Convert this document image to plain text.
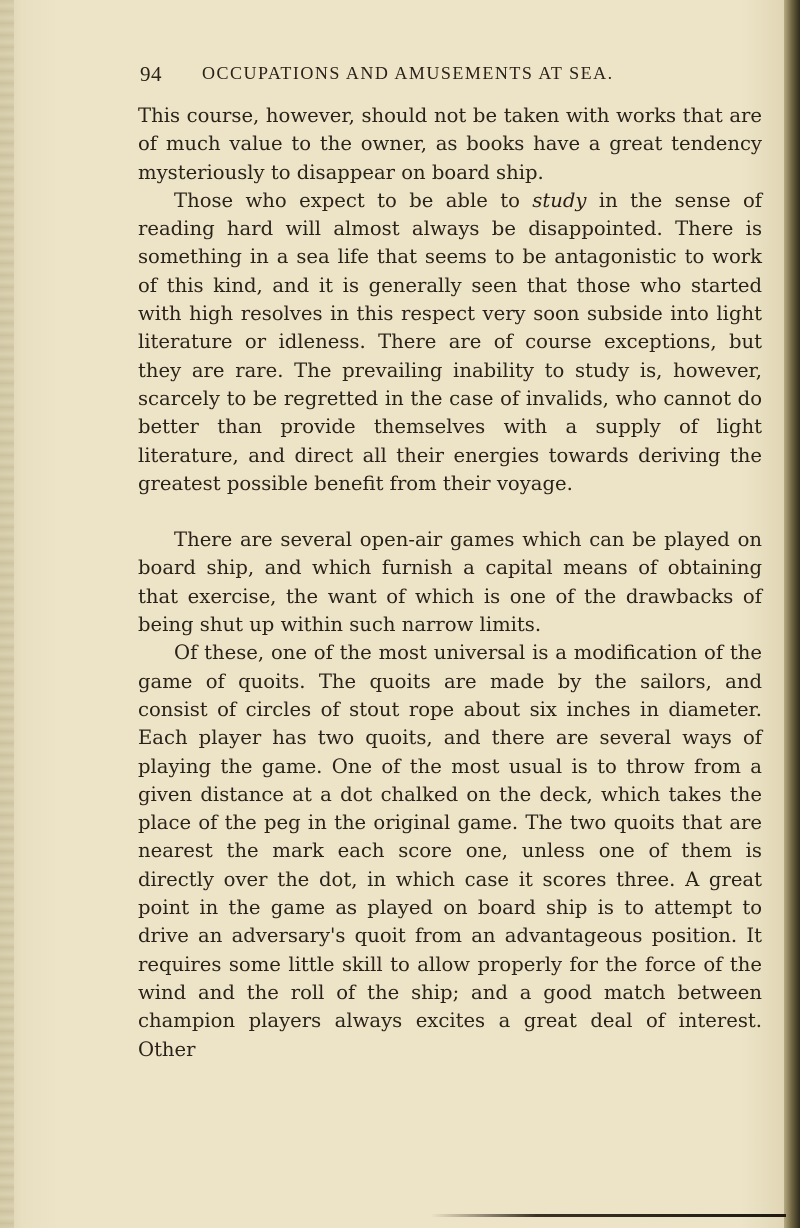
94 OCCUPATIONS AND AMUSEMENTS AT SEA.

This course, however, should not be taken with works that are of much value to the owner, as books have a great tendency mysteriously to disappear on board ship.

Those who expect to be able to study in the sense of reading hard will almost always be disappointed. There is something in a sea life that seems to be antagonistic to work of this kind, and it is generally seen that those who started with high resolves in this respect very soon subside into light literature or idleness. There are of course exceptions, but they are rare. The prevailing inability to study is, however, scarcely to be regretted in the case of invalids, who cannot do better than provide themselves with a supply of light literature, and direct all their energies towards deriving the greatest possible benefit from their voyage.

There are several open-air games which can be played on board ship, and which furnish a capital means of obtaining that exercise, the want of which is one of the drawbacks of being shut up within such narrow limits.

Of these, one of the most universal is a modification of the game of quoits. The quoits are made by the sailors, and consist of circles of stout rope about six inches in diameter. Each player has two quoits, and there are several ways of playing the game. One of the most usual is to throw from a given distance at a dot chalked on the deck, which takes the place of the peg in the original game. The two quoits that are nearest the mark each score one, unless one of them is directly over the dot, in which case it scores three. A great point in the game as played on board ship is to attempt to drive an adversary's quoit from an advantageous position. It requires some little skill to allow properly for the force of the wind and the roll of the ship; and a good match between champion players always excites a great deal of interest. Other
